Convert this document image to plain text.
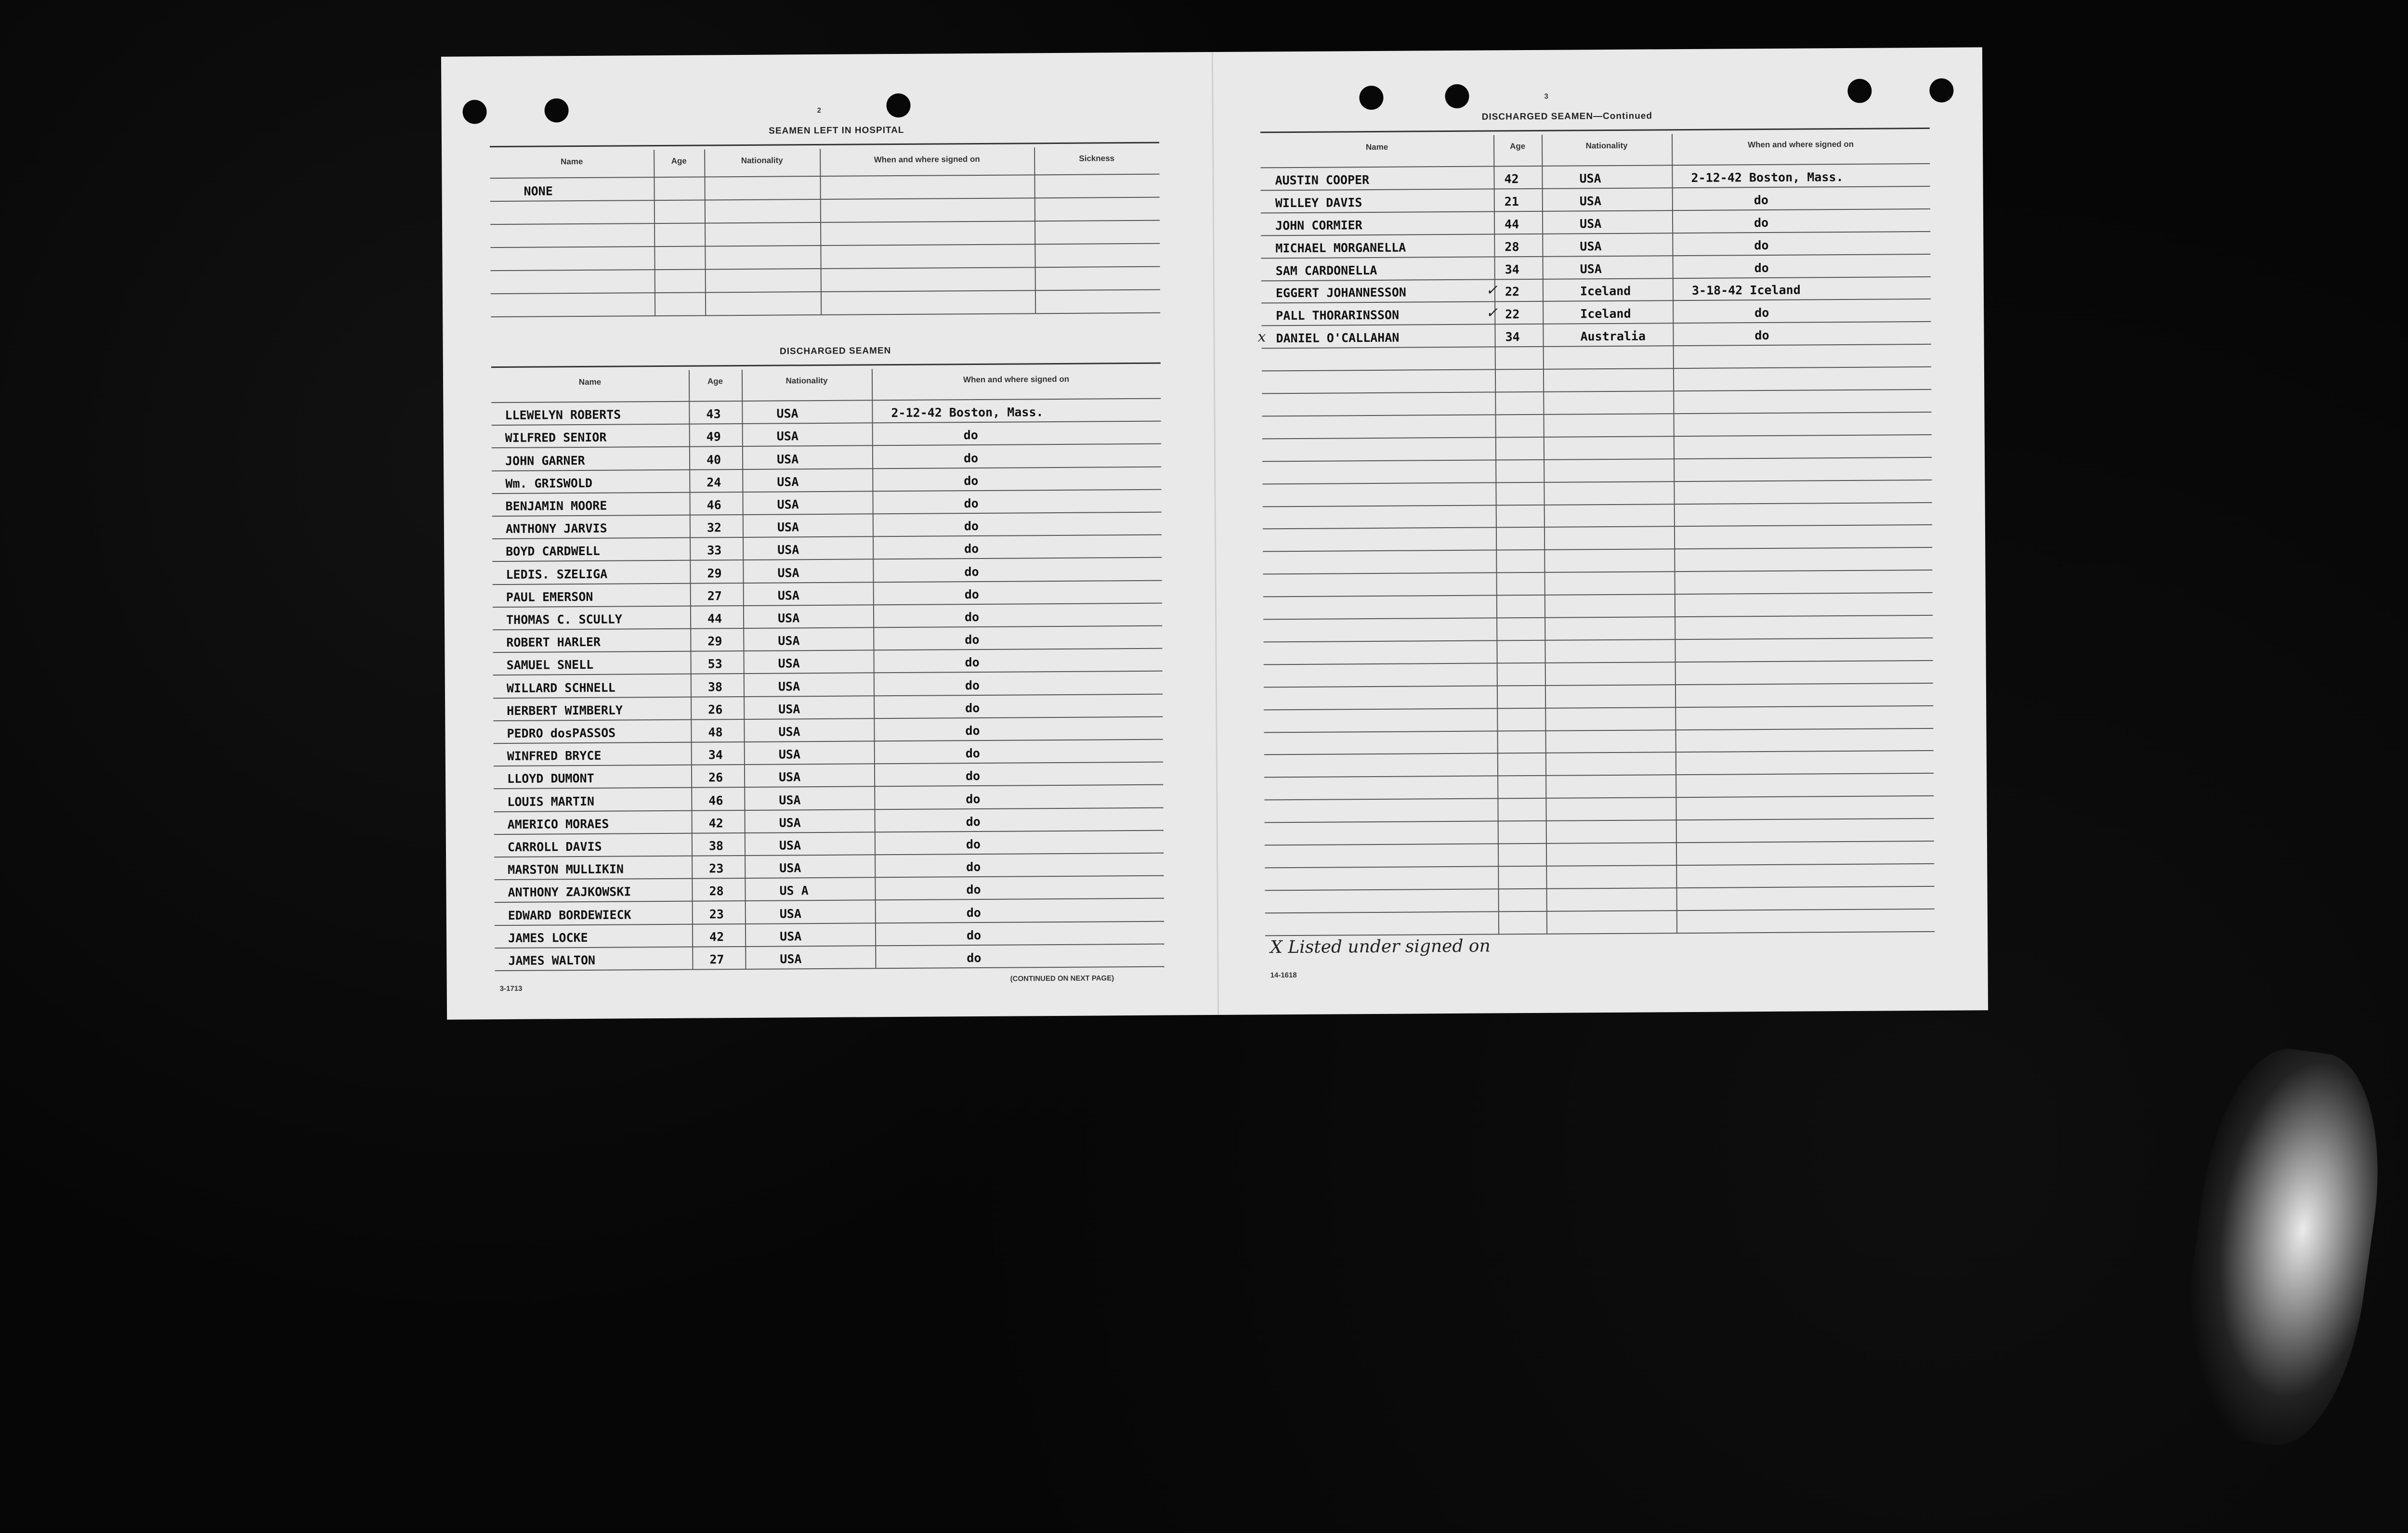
2
SEAMEN LEFT IN HOSPITAL
Name	Age	Nationality	When and where signed on	Sickness
NONE
DISCHARGED SEAMEN
Name	Age	Nationality	When and where signed on
LLEWELYN ROBERTS	43	USA	2-12-42 Boston, Mass.
WILFRED SENIOR	49	USA	do
JOHN GARNER	40	USA	do
Wm. GRISWOLD	24	USA	do
BENJAMIN MOORE	46	USA	do
ANTHONY JARVIS	32	USA	do
BOYD CARDWELL	33	USA	do
LEDIS. SZELIGA	29	USA	do
PAUL EMERSON	27	USA	do
THOMAS C. SCULLY	44	USA	do
ROBERT HARLER	29	USA	do
SAMUEL SNELL	53	USA	do
WILLARD SCHNELL	38	USA	do
HERBERT WIMBERLY	26	USA	do
PEDRO dosPASSOS	48	USA	do
WINFRED BRYCE	34	USA	do
LLOYD DUMONT	26	USA	do
LOUIS MARTIN	46	USA	do
AMERICO MORAES	42	USA	do
CARROLL DAVIS	38	USA	do
MARSTON MULLIKIN	23	USA	do
ANTHONY ZAJKOWSKI	28	US A	do
EDWARD BORDEWIECK	23	USA	do
JAMES LOCKE	42	USA	do
JAMES WALTON	27	USA	do
3-1713
(CONTINUED ON NEXT PAGE)
3
DISCHARGED SEAMEN—Continued
Name	Age	Nationality	When and where signed on
AUSTIN COOPER	42	USA	2-12-42 Boston, Mass.
WILLEY DAVIS	21	USA	do
JOHN CORMIER	44	USA	do
MICHAEL MORGANELLA	28	USA	do
SAM CARDONELLA	34	USA	do
EGGERT JOHANNESSON	22	Iceland	3-18-42 Iceland
PALL THORARINSSON	22	Iceland	do
DANIEL O'CALLAHAN	34	Australia	do
✓
✓
x
X Listed under signed on
14-1618
